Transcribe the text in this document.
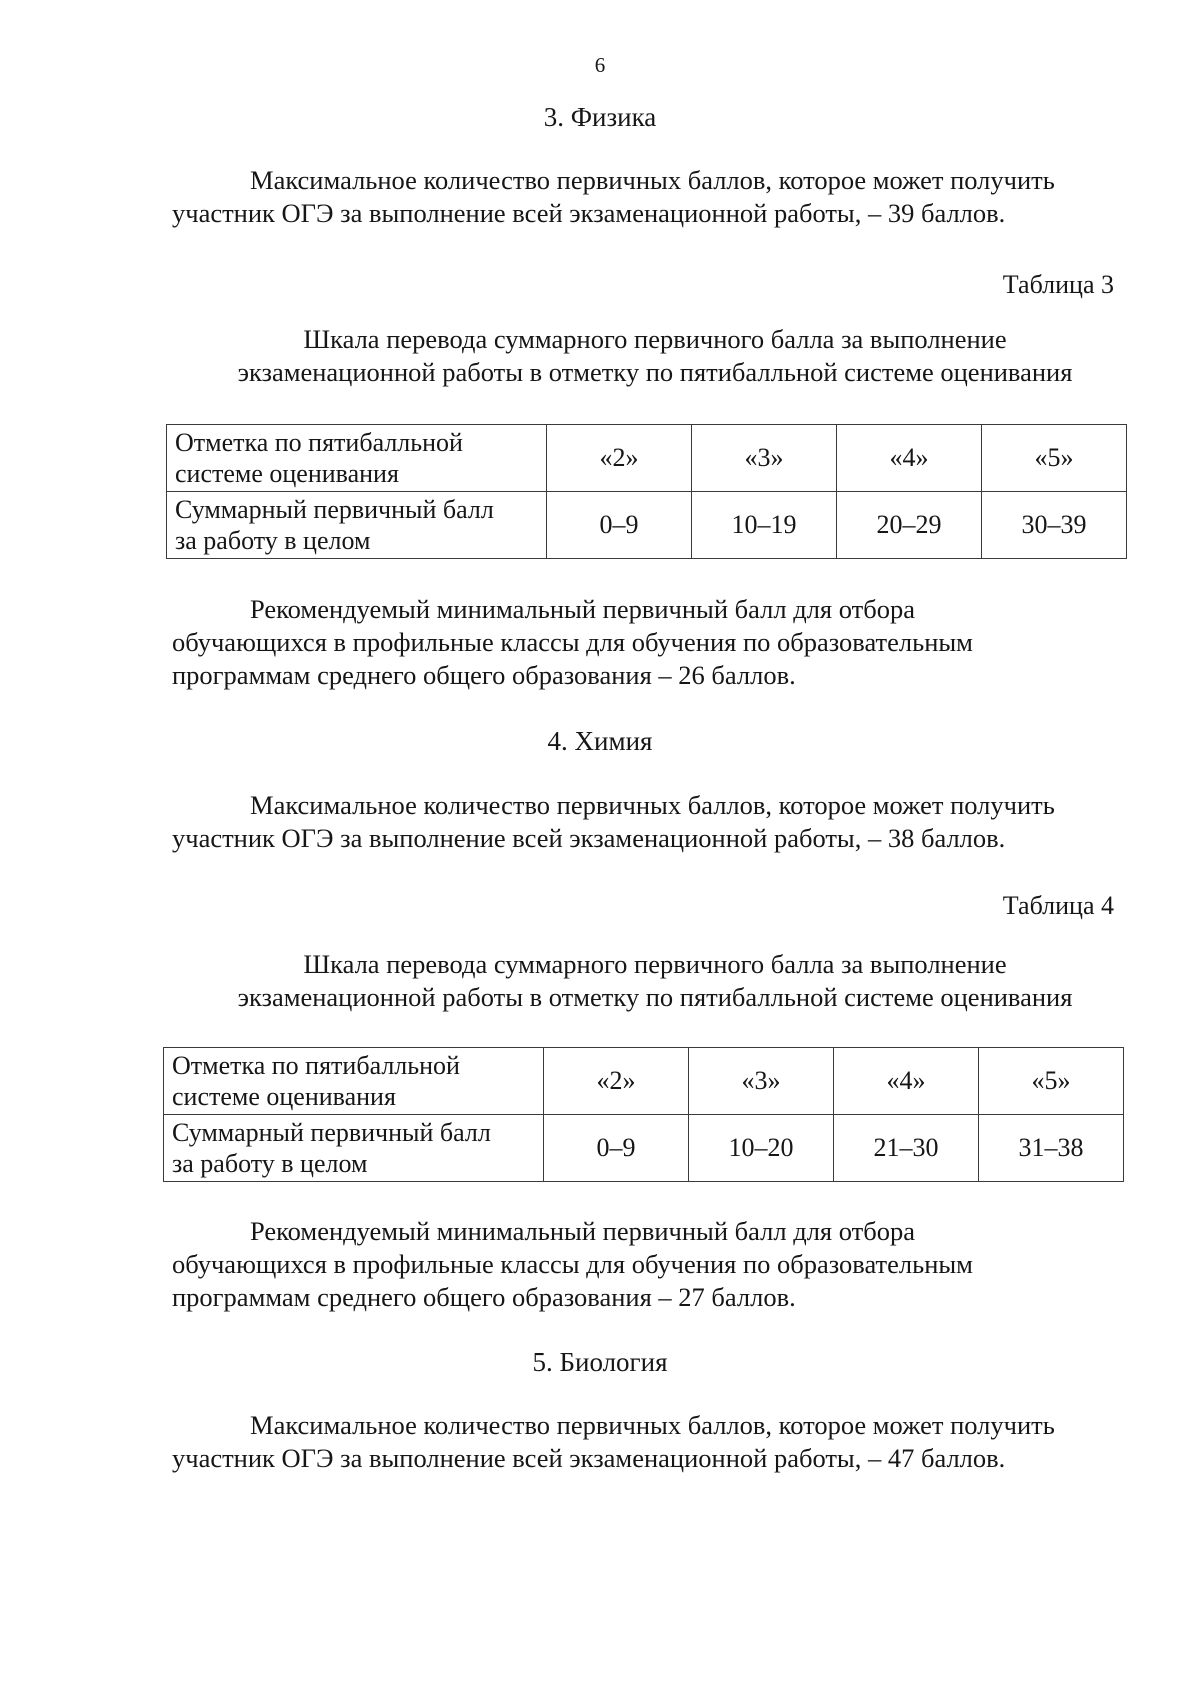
6
3. Физика
Максимальное количество первичных баллов, которое может получить
участник ОГЭ за выполнение всей экзаменационной работы, – 39 баллов.
Таблица 3
Шкала перевода суммарного первичного балла за выполнение
экзаменационной работы в отметку по пятибалльной системе оценивания
Отметка по пятибалльной
системе оценивания	«2»	«3»	«4»	«5»

Суммарный первичный балл
за работу в целом	0–9	10–19	20–29	30–39
Рекомендуемый минимальный первичный балл для отбора
обучающихся в профильные классы для обучения по образовательным
программам среднего общего образования – 26 баллов.
4. Химия
Максимальное количество первичных баллов, которое может получить
участник ОГЭ за выполнение всей экзаменационной работы, – 38 баллов.
Таблица 4
Шкала перевода суммарного первичного балла за выполнение
экзаменационной работы в отметку по пятибалльной системе оценивания
Отметка по пятибалльной
системе оценивания	«2»	«3»	«4»	«5»

Суммарный первичный балл
за работу в целом	0–9	10–20	21–30	31–38
Рекомендуемый минимальный первичный балл для отбора
обучающихся в профильные классы для обучения по образовательным
программам среднего общего образования – 27 баллов.
5. Биология
Максимальное количество первичных баллов, которое может получить
участник ОГЭ за выполнение всей экзаменационной работы, – 47 баллов.
